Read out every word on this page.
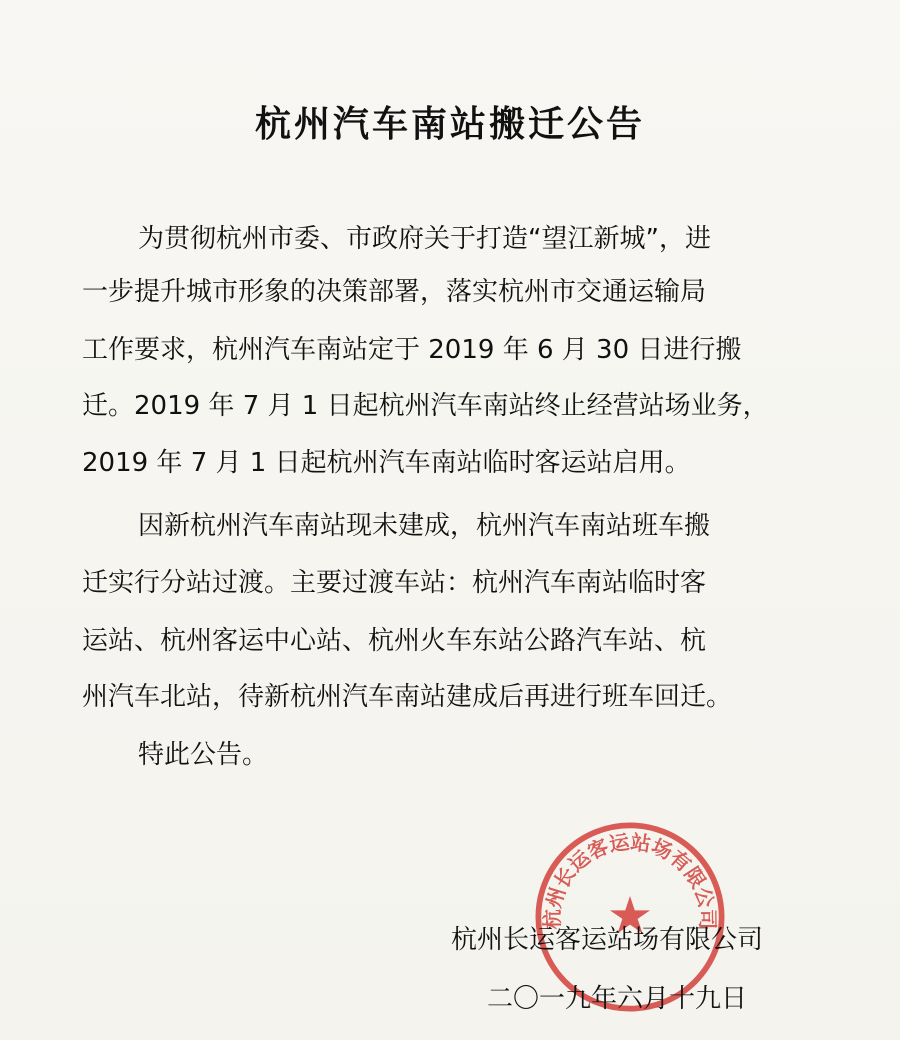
杭州汽车南站搬迁公告
为贯彻杭州市委、市政府关于打造“望江新城”，进
一步提升城市形象的决策部署，落实杭州市交通运输局
工作要求，杭州汽车南站定于 2019 年 6 月 30 日进行搬
迁。2019 年 7 月 1 日起杭州汽车南站终止经营站场业务，
2019 年 7 月 1 日起杭州汽车南站临时客运站启用。
因新杭州汽车南站现未建成，杭州汽车南站班车搬
迁实行分站过渡。主要过渡车站：杭州汽车南站临时客
运站、杭州客运中心站、杭州火车东站公路汽车站、杭
州汽车北站，待新杭州汽车南站建成后再进行班车回迁。
特此公告。
杭州长运客运站场有限公司
杭州长运客运站场有限公司
二〇一九年六月十九日
